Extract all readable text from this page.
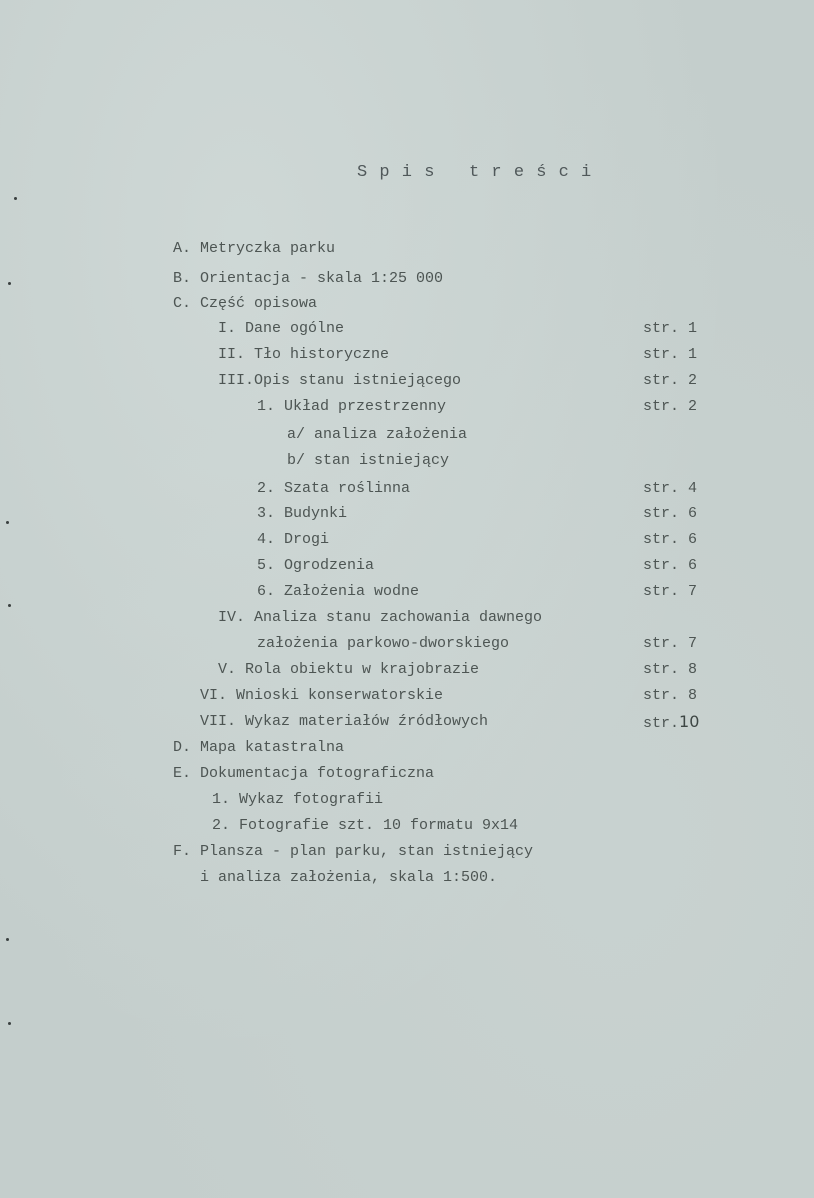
S p i s   t r e ś c i
A. Metryczka parku
B. Orientacja - skala 1:25 000
C. Część opisowa
I. Dane ogólne	str. 1
II. Tło historyczne	str. 1
III.Opis stanu istniejącego	str. 2
1. Układ przestrzenny	str. 2
a/ analiza założenia
b/ stan istniejący
2. Szata roślinna	str. 4
3. Budynki	str. 6
4. Drogi	str. 6
5. Ogrodzenia	str. 6
6. Założenia wodne	str. 7
IV. Analiza stanu zachowania dawnego
założenia parkowo-dworskiego	str. 7
V. Rola obiektu w krajobrazie	str. 8
VI. Wnioski konserwatorskie	str. 8
VII. Wykaz materiałów źródłowych	str.10
D. Mapa katastralna
E. Dokumentacja fotograficzna
1. Wykaz fotografii
2. Fotografie szt. 10 formatu 9x14
F. Plansza - plan parku, stan istniejący
i analiza założenia, skala 1:500.
